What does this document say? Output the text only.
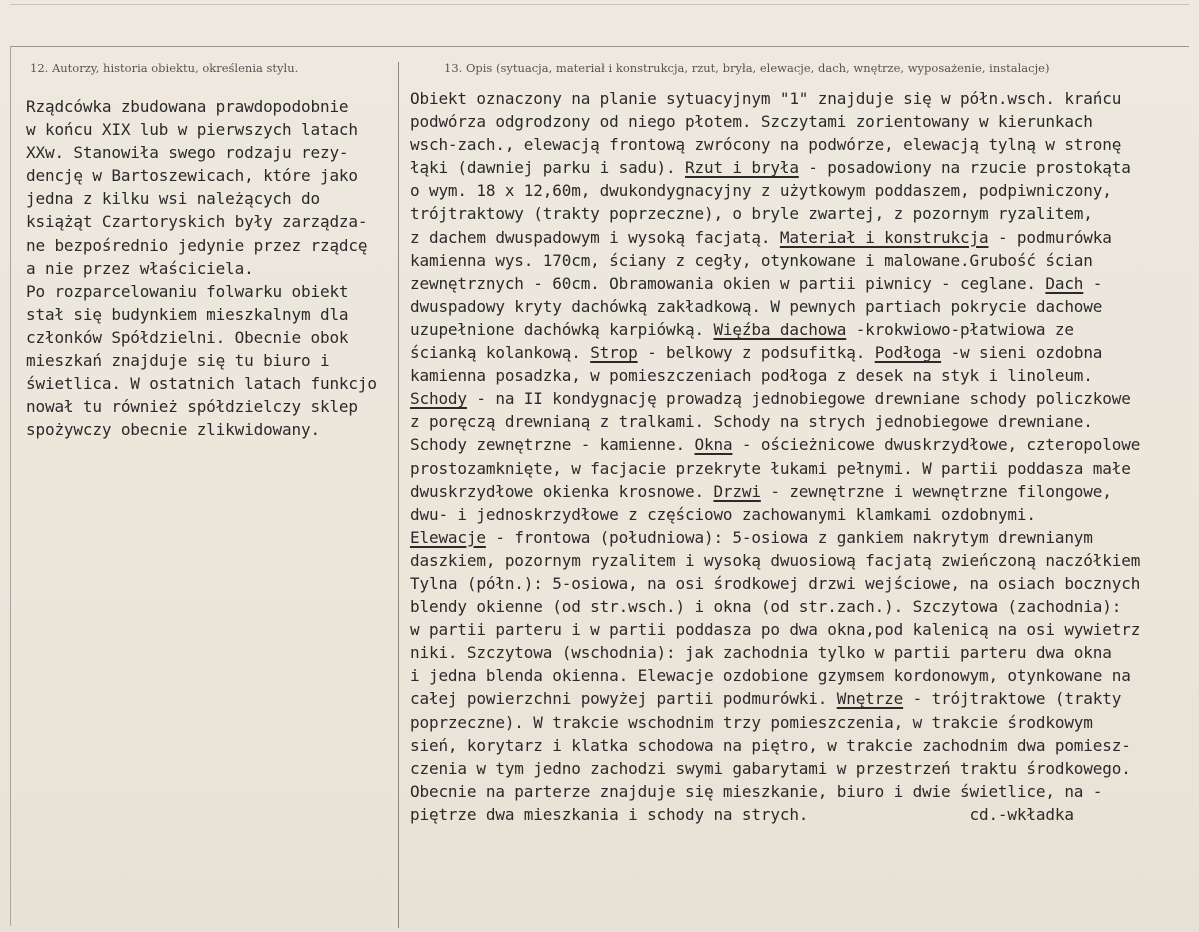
12. Autorzy, historia obiektu, określenia stylu.	13. Opis (sytuacja, materiał i konstrukcja, rzut, bryła, elewacje, dach, wnętrze, wyposażenie, instalacje)
Rządcówka zbudowana prawdopodobnie
w końcu XIX lub w pierwszych latach
XXw. Stanowiła swego rodzaju rezy-
dencję w Bartoszewicach, które jako
jedna z kilku wsi należących do
książąt Czartoryskich były zarządza-
ne bezpośrednio jedynie przez rządcę
a nie przez właściciela.
Po rozparcelowaniu folwarku obiekt
stał się budynkiem mieszkalnym dla
członków Spółdzielni. Obecnie obok
mieszkań znajduje się tu biuro i
świetlica. W ostatnich latach funkcjo
nował tu również spółdzielczy sklep
spożywczy obecnie zlikwidowany.
Obiekt oznaczony na planie sytuacyjnym "1" znajduje się w półn.wsch. krańcu
podwórza odgrodzony od niego płotem. Szczytami zorientowany w kierunkach
wsch-zach., elewacją frontową zwrócony na podwórze, elewacją tylną w stronę
łąki (dawniej parku i sadu). Rzut i bryła - posadowiony na rzucie prostokąta
o wym. 18 x 12,60m, dwukondygnacyjny z użytkowym poddaszem, podpiwniczony,
trójtraktowy (trakty poprzeczne), o bryle zwartej, z pozornym ryzalitem,
z dachem dwuspadowym i wysoką facjatą. Materiał i konstrukcja - podmurówka
kamienna wys. 170cm, ściany z cegły, otynkowane i malowane.Grubość ścian
zewnętrznych - 60cm. Obramowania okien w partii piwnicy - ceglane. Dach -
dwuspadowy kryty dachówką zakładkową. W pewnych partiach pokrycie dachowe
uzupełnione dachówką karpiówką. Więźba dachowa -krokwiowo-płatwiowa ze
ścianką kolankową. Strop - belkowy z podsufitką. Podłoga -w sieni ozdobna
kamienna posadzka, w pomieszczeniach podłoga z desek na styk i linoleum.
Schody - na II kondygnację prowadzą jednobiegowe drewniane schody policzkowe
z poręczą drewnianą z tralkami. Schody na strych jednobiegowe drewniane.
Schody zewnętrzne - kamienne. Okna - ościeżnicowe dwuskrzydłowe, czteropolowe
prostozamknięte, w facjacie przekryte łukami pełnymi. W partii poddasza małe
dwuskrzydłowe okienka krosnowe. Drzwi - zewnętrzne i wewnętrzne filongowe,
dwu- i jednoskrzydłowe z częściowo zachowanymi klamkami ozdobnymi.
Elewacje - frontowa (południowa): 5-osiowa z gankiem nakrytym drewnianym
daszkiem, pozornym ryzalitem i wysoką dwuosiową facjatą zwieńczoną naczółkiem
Tylna (półn.): 5-osiowa, na osi środkowej drzwi wejściowe, na osiach bocznych
blendy okienne (od str.wsch.) i okna (od str.zach.). Szczytowa (zachodnia):
w partii parteru i w partii poddasza po dwa okna,pod kalenicą na osi wywietrz
niki. Szczytowa (wschodnia): jak zachodnia tylko w partii parteru dwa okna
i jedna blenda okienna. Elewacje ozdobione gzymsem kordonowym, otynkowane na
całej powierzchni powyżej partii podmurówki. Wnętrze - trójtraktowe (trakty
poprzeczne). W trakcie wschodnim trzy pomieszczenia, w trakcie środkowym
sień, korytarz i klatka schodowa na piętro, w trakcie zachodnim dwa pomiesz-
czenia w tym jedno zachodzi swymi gabarytami w przestrzeń traktu środkowego.
Obecnie na parterze znajduje się mieszkanie, biuro i dwie świetlice, na -
piętrze dwa mieszkania i schody na strych.                 cd.-wkładka
